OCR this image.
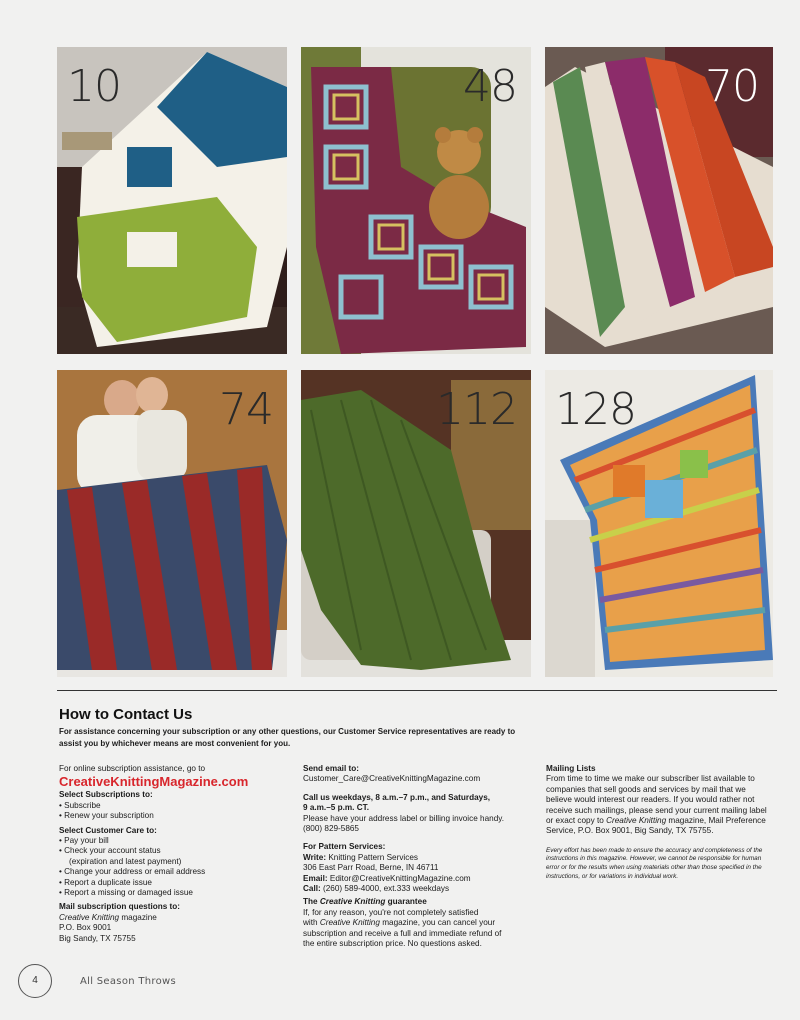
10	48	70
74	112 128
How to Contact Us
For assistance concerning your subscription or any other questions, our Customer Service representatives are ready to assist you by whichever means are most convenient for you.
For online subscription assistance, go to
CreativeKnittingMagazine.com
Select Subscriptions to:
• Subscribe
• Renew your subscription
Select Customer Care to:
• Pay your bill
• Check your account status
(expiration and latest payment)
• Change your address or email address
• Report a duplicate issue
• Report a missing or damaged issue
Mail subscription questions to:
Creative Knitting magazine
P.O. Box 9001
Big Sandy, TX 75755
Send email to:
Customer_Care@CreativeKnittingMagazine.com
Call us weekdays, 8 a.m.–7 p.m., and Saturdays,
9 a.m.–5 p.m. CT.
Please have your address label or billing invoice handy.
(800) 829-5865
For Pattern Services:
Write: Knitting Pattern Services
306 East Parr Road, Berne, IN 46711
Email: Editor@CreativeKnittingMagazine.com
Call: (260) 589-4000, ext.333 weekdays
The Creative Knitting guarantee
If, for any reason, you're not completely satisfied
with Creative Knitting magazine, you can cancel your
subscription and receive a full and immediate refund of
the entire subscription price. No questions asked.
Mailing Lists
From time to time we make our subscriber list available to companies that sell goods and services by mail that we believe would interest our readers. If you would rather not receive such mailings, please send your current mailing label or exact copy to Creative Knitting magazine, Mail Preference Service, P.O. Box 9001, Big Sandy, TX 75755.
Every effort has been made to ensure the accuracy and completeness of the instructions in this magazine. However, we cannot be responsible for human error or for the results when using materials other than those specified in the instructions, or for variations in individual work.
4	All Season Throws
